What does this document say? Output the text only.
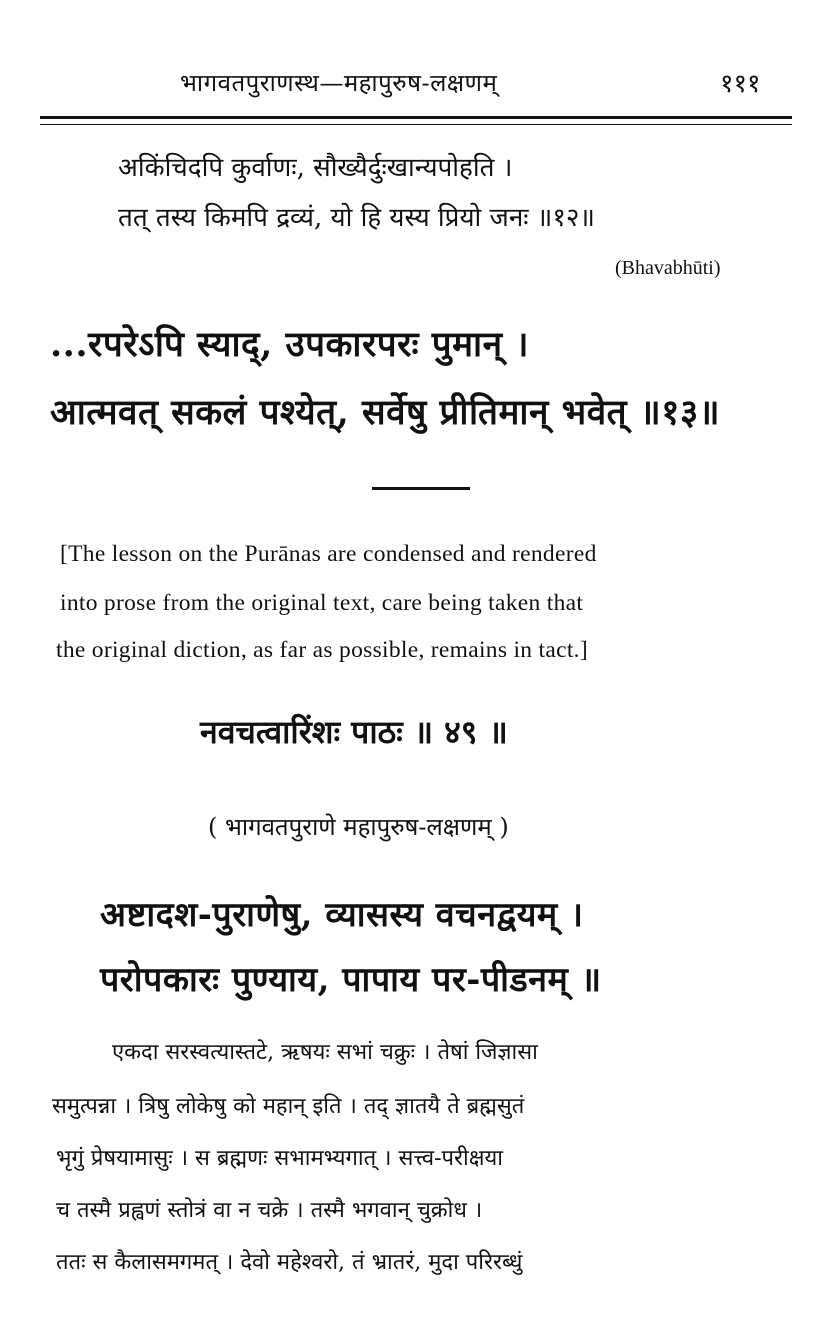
भागवतपुराणस्थ—महापुरुष-लक्षणम्	१११
अकिंचिदपि कुर्वाणः, सौख्यैर्दुःखान्यपोहति ।
तत् तस्य किमपि द्रव्यं, यो हि यस्य प्रियो जनः ॥१२॥
(Bhavabhūti)
...रपरेऽपि स्याद्, उपकारपरः पुमान् ।
आत्मवत् सकलं पश्येत्, सर्वेषु प्रीतिमान् भवेत् ॥१३॥
[The lesson on the Purānas are condensed and rendered
into prose from the original text, care being taken that
the original diction, as far as possible, remains in tact.]
नवचत्वारिंशः पाठः ॥ ४९ ॥
( भागवतपुराणे महापुरुष-लक्षणम् )
अष्टादश-पुराणेषु, व्यासस्य वचनद्वयम् ।
परोपकारः पुण्याय, पापाय पर-पीडनम् ॥
एकदा सरस्वत्यास्तटे, ऋषयः सभां चक्रुः । तेषां जिज्ञासा
समुत्पन्ना । त्रिषु लोकेषु को महान् इति । तद् ज्ञातयै ते ब्रह्मसुतं
भृगुं प्रेषयामासुः । स ब्रह्मणः सभामभ्यगात् । सत्त्व-परीक्षया
च तस्मै प्रह्वणं स्तोत्रं वा न चक्रे । तस्मै भगवान् चुक्रोध ।
ततः स कैलासमगमत् । देवो महेश्वरो, तं भ्रातरं, मुदा परिरब्धुं
